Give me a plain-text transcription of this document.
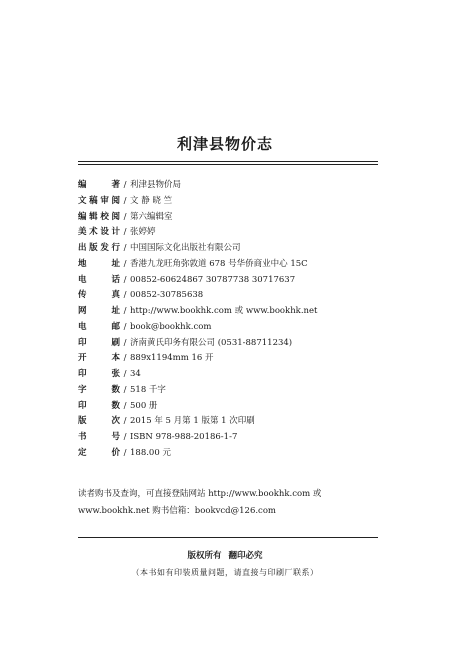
利津县物价志
编著 / 利津县物价局
文稿审阅 / 文 静 晓 竺
编辑校阅 / 第六编辑室
美术设计 / 张婷婷
出版发行 / 中国国际文化出版社有限公司
地址 / 香港九龙旺角弥敦道 678 号华侨商业中心 15C
电话 / 00852-60624867 30787738 30717637
传真 / 00852-30785638
网址 / http://www.bookhk.com 或 www.bookhk.net
电邮 / book@bookhk.com
印刷 / 济南黄氏印务有限公司 (0531-88711234)
开本 / 889x1194mm 16 开
印张 / 34
字数 / 518 千字
印数 / 500 册
版次 / 2015 年 5 月第 1 版第 1 次印刷
书号 / ISBN 978-988-20186-1-7
定价 / 188.00 元
读者购书及查询，可直接登陆网站 http://www.bookhk.com 或
www.bookhk.net 购书信箱：bookvcd@126.com
版权所有 翻印必究
（本书如有印装质量问题，请直接与印刷厂联系）
